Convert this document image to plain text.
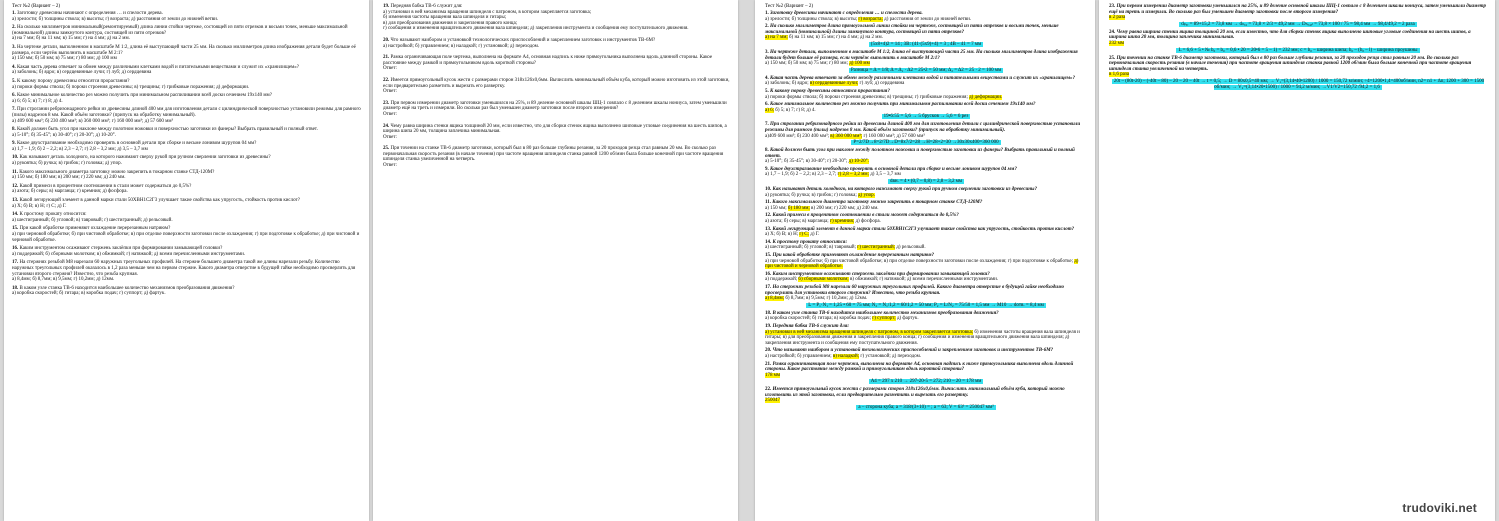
Тест №2 (Вариант – 2)
1. Заготовку древесины начинают с определения … и спелости дерева.
а) зрелости; б) толщины ствола; в) высоты; г) возраста; д) расстояния от земли до нижней ветви.
2. На сколько миллиметров минимальный(ремонтируемый) длина линии стойки чертеже, состоящей из пяти отрезков и восьми точек, меньше максимальной (номинальной) длины замкнутого контура, состоящей из пяти отрезков?
а) на 7 мм; б) на 11 мм; в) 15 мм; г) на 4 мм; д) на 2 мм.
3. На чертеже детали, выполненном в масштабе М 1:2, длина её выступающей части 25 мм. На сколько миллиметров длина изображения детали будет больше её размера, если чертёж выполнить в масштабе М 2:1?
а) 150 мм; б) 50 мм; в) 75 мм; г) 80 мм; д) 100 мм
4. Какая часть дерева отвечает за обмен между различными клетками водой и питательными веществами и служит их «хранилищем»?
а) заболонь; б) ядро; в) сердцевинные лучи; г) луб; д) сердцевина
5. К какому пороку древесины относятся прорастания?
а) пороки формы ствола; б) пороки строения древесины; в) трещины; г) грибковые поражения; д) деформации.
6. Какое минимальное количество рез можно получить при минимальном распиливании всей доски сечением 19х140 мм?
а) 6; б) 5; в) 7; г) 8; д) 4.
7. При строгании ребризонадрного рейки из древесины длиной 400 мм для изготовления детали с цилиндрической поверхностью установили режимы для рамного (пилы) надрезов 8 мм. Какой объём заготовки? (припуск на обработку минимальный).
а) 409 600 мм³; б) 230 400 мм³; в) 360 000 мм³; г) 160 000 мм³; д) 57 600 мм³
8. Какой должен быть угол при наклоне между полотном ножовки и поверхностью заготовки из фанеры? Выбрать правильный и полный ответ.
а) 5-10°; б) 35-45°; в) 30-40°; г) 20-30°; д) 10-20°.
9. Какое двухстрагивание необходимо проверять в основной детали при сборке и весьме лонивом шурупов 04 мм?
а) 1,7 – 1,9; б) 2 – 2,2; в) 2,3 – 2,7; г) 2,8 – 3,2 мм; д) 3,5 – 3,7 мм
10. Как называют деталь холодного, на которого нажимают сверху рукой при ручном сверлении заготовки из древесины?
а) рукоятка; б) ручка; в) грибок; г) головка; д) упор.
11. Какого максимального диаметра заготовку можно закрепить в токарном станке СТД-120М?
а) 150 мм; б) 180 мм; в) 200 мм; г) 220 мм; д) 240 мм.
12. Какой примеси в процентном соотношении в стали может содержаться до 0,5%?
а) азота; б) серы; в) марганца; г) кремния; д) фосфора.
13. Какой легирующий элемент в данной марки стали 50ХВН1С2Г3 улучшает такие свойства как упругость, стойкость против кислот?
а) Х; б) В; в) Н; г) С; д) Г.
14. К простому прокату относится:
а) шестигранный; б) угловой; в) тавровый; г) шестигранный; д) рельсовый.
15. При какой обработке применяют охлаждение перерезанным натриюм?
а) при черновой обработке; б) при чистовой обработке; в) при отделке поверхности заготовки после охлаждения; г) при подготовке к обработке; д) при чистовой и черновой обработке.
16. Каким инструментом осаживают стержень заклёпки при формировании замыкающей головки?
а) поддержкой; б) сборными молотком; в) обжимкой; г) натяжкой; д) всеми перечисленными инструментами.
17. На стержнях резьбой М8 нарезали 60 наружных треугольных профилей. На стержне большего диаметра такой же длины нарезали резьбу. Количество наружных треугольных профилей оказалось в 1,2 раза меньше чем на первом стержне. Какого диаметра отверстие в будущей гайке необходимо просверлить для установки второго стержня? Известно, что резьба крупная.
а) 8,4мм; б) 8,7мм; в) 9,5мм; г) 10,2мм; д) 12мм.
18. В каком узле станка ТВ-6 находится наибольшее количество механизмов преобразования движения?
а) коробка скоростей; б) гитара; в) коробка подач; г) суппорт; д) фартук.
19. Передняя бабка ТВ-6 служит для:
а) установки в ней механизма вращения шпинделя с патроном, в котором закрепляется заготовка;
б) изменения частоты вращения вала шпинделя и гитары;
в) для преобразования движения и закрепления правого конца;
г) сообщения и изменения вращательного движения вала шпинделя; д) закрепления инструмента и сообщения ему поступательного движения.
20. Что называют наибором и установкой технологических приспособлений и закреплением заготовок и инструментов ТВ-6М?
а) настройкой; б) управлением; в) наладкой; г) установкой; д) переходом.
21. Рамка ограничивающая поле чертежа, выполнена на формате А4, основная надпись к ниже прямоугольника выполнена вдоль длинной стороны. Какое расстояние между рамкой и прямоугольником вдоль короткой стороны?
Ответ:
22. Имеется прямоугольный кусок жести с размерами сторон 318х126х0,6мм. Вычислить минимальный объём куба, который можно изготовить из этой заготовки, если предварительно разметить и вырезать его развертку.
Ответ:
23. При первом измерении диаметр заготовки уменьшился на 25%, и 89 деление основной шкалы ШЦ-1 совпало с 8 делением шкалы нониуса, затем уменьшили диаметр ещё на треть и измерили. Во сколько раз был уменьшен диаметр заготовки после второго измерения?
Ответ:
24. Чему равна ширина стенки ящика толщиной 20 мм, если известно, что для сборки стенок ящика выполнено шиповые угловые соединения на шесть шипов, а ширина шипа 20 мм, толщина заплечика минимальная.
Ответ:
25. При точении на станке ТВ-6 диаметр заготовки, который был в 80 раз больше глубины резания, за 20 проходов резца стал равным 20 мм. Во сколько раз первоначальная скорость резания (в начале точения) при частоте вращения шпинделя станка равной 1200 об/мин была больше конечной при частоте вращения шпинделя станка увеличенной на четверть.
Ответ:
Тест №2 (Вариант – 2)
1. Заготовку древесины начинают с определения … и спелости дерева.
а) зрелости; б) толщины ствола; в) высоты; г) возраста; д) расстояния от земли до нижней ветви.
2. На сколько миллиметров длина прямоугольной линии стойки на чертеже, состоящей из пяти отрезков и восьми точек, меньше максимальной (номинальной) длины замкнутого контура, состоящей из пяти отрезков?
а) на 7 мм; б) на 11 мм; в) 15 мм; г) на 4 мм; д) на 2 мм.
(5х8+4)2 = 14 ; 3В: (41·(5х9)+4) = 3 ; 4В – 41 = 7 мм
3. На чертеже детали, выполненном в масштабе М 1:2, длина её выступающей части 25 мм. На сколько миллиметров длина изображения детали будет больше её размера, если чертёж выполнить в масштабе М 2:1?
а) 150 мм; б) 50 мм; в) 75 мм; г) 80 мм; д) 100 мм
Разница = Δ = 1/8; Δ = Δ₁ · Δ2 = 25•2 = 50 мм; Δ₂ = Δ2 = 25 · 2 = 100 мм
4. Какая часть дерева отвечает за обмен между различными клетками водой и питательными веществами и служит их «хранилищем»?
а) заболонь; б) ядро; в) сердцевинные лучи; г) луб; д) сердцевина
5. К какому пороку древесины относятся прорастания?
а) пороки формы ствола; б) пороки строения древесины; в) трещины; г) грибковые поражения; д) деформации.
6. Какое минимальное количество рез можно получить при минимальном распиливании всей доски сечением 19х140 мм?
а) 6; б) 5; в) 7; г) 8; д) 4.
19•6:55 = 5,6 → 5 брусков → 5,6 = 6 рез
7. При строгании ребризонадрного рейки из древесины длиной 400 мм для изготовления детали с цилиндрической поверхностью установили режимы для рамного (пилы) надрезов 8 мм. Какой объём заготовки? (припуск на обработку минимальный).
а)409 600 мм³; б) 230 400 мм³; в) 360 000 мм³; г) 160 000 мм³; д) 57 600 мм³
P=2/7D→8=2/7D→D=8х7/2=28 →Н=28+2=30 →30х30х400=360 000
8. Какой должен быть угол при наклоне между полотном ножовки и поверхностью заготовки из фанеры? Выбрать правильный и полный ответ.
а) 5-10°; б) 35-45°; в) 30-40°; г) 20-30°; д) 10-20°.
9. Какое двухстрагивание необходимо проверять в основной детали при сборке и весьме лонивом шурупов 04 мм?
а) 1,7 – 1,9; б) 2 – 2,2; в) 2,3 – 2,7; г) 2,8 – 3,2 мм; д) 3,5 – 3,7 мм
dвн. = 4 • (0,7 – 0,8) = 2,8 – 3,2 мм
10. Как называют деталь холодного, на которого нажимают сверху рукой при ручном сверлении заготовки из древесины?
а) рукоятка; б) ручка; в) грибок; г) головка; д) упор.
11. Какого максимального диаметра заготовку можно закрепить в токарном станке СТД-120М?
а) 150 мм; б) 180 мм; в) 200 мм; г) 220 мм; д) 240 мм.
12. Какой примеси в процентном соотношении в стали может содержаться до 0,5%?
а) азота; б) серы; в) марганца; г) кремния; д) фосфора.
13. Какой легирующий элемент в данной марки стали 50ХВН1С2Г3 улучшает такие свойства как упругость, стойкость против кислот?
а) Х; б) В; в) Н; г) С; д) Г.
14. К простому прокату относится:
а) шестигранный; б) угловой; в) тавровый; г) шестигранный; д) рельсовый.
15. При какой обработке применяют охлаждение перерезанным натриюм?
а) при черновой обработке; б) при чистовой обработке; в) при отделке поверхности заготовки после охлаждения; г) при подготовке к обработке; д) при чистовой и черновой обработке.
16. Каким инструментом осаживают стержень заклёпки при формировании замыкающей головки?
а) поддержкой; б) сборными молотком; в) обжимкой; г) натяжкой; д) всеми перечисленными инструментами.
17. На стержнях резьбой М8 нарезали 60 наружных треугольных профилей. Какого диаметра отверстие в будущей гайке необходимо просверлить для установки второго стержня? Известно, что резьба крупная.
а) 8,4мм; б) 8,7мм; в) 9,5мм; г) 10,2мм; д) 12мм.
L = P₁·N₁ = 1,25 • 60 = 75 мм; N₂ = N₁/1,2 = 60/1,2 = 50 мм; P₂ = L/N₂ = 75/50 = 1,5 мм → M10 → dотв. = 8,4 мм
18. В каком узле станка ТВ-6 находится наибольшее количество механизмов преобразования движения?
а) коробка скоростей; б) гитара; в) коробка подач; г) суппорт; д) фартук.
19. Передняя бабка ТВ-6 служит для:
а) установки в ней механизма вращения шпинделя с патроном, в котором закрепляется заготовка; б) изменения частоты вращения вала шпинделя и гитары; в) для преобразования движения и закрепления правого конца; г) сообщения и изменения вращательного движения вала шпинделя; д) закрепления инструмента и сообщения ему поступательного движения.
20. Что называют наибором и установкой технологических приспособлений и закреплением заготовок и инструментов ТВ-6М?
а) настройкой; б) управлением; в) наладкой; г) установкой; д) переходом.
21. Рамка ограничивающая поле чертежа, выполнена на формате А4, основная надпись к ниже прямоугольника выполнена вдоль длинной стороны. Какое расстояние между рамкой и прямоугольником вдоль короткой стороны?
178 мм
А4 = 297 х 210 → 297-20-5 = 272; 210 – 20 = 178 мм
22. Имеется прямоугольный кусок жести с размерами сторон 318х126х0,6мм. Вычислить минимальный объём куба, который можно изготовить из этой заготовки, если предварительно разметить и вырезать его развертку.
250047
а – сторона куба; а = 318/(3+10) = ; a = 63; V = 63³ = 250047 мм³
23. При первом измерении диаметр заготовки уменьшился на 25%, и 89 деление основной шкалы ШЦ-1 совпало с 8 делением шкалы нониуса, затем уменьшили диаметр ещё на треть и измерили. Во сколько раз был уменьшен диаметр заготовки после второго измерения?
в 2 раза
dₚₐᵣ = 89+15,2 = 73,8 мм → dₙₐ₂ = 73,8 × 2/3 = 49,2 мм → Dₙₐ₄ₐₗ = 73,8 × 100 / 75 = 98,4 мм → 98,4/49,2 = 2 раза
24. Чему равна ширина стенки ящика толщиной 20 мм, если известно, что для сборки стенок ящика выполнено шиповые угловые соединения на шесть шипов, а ширина шипа 20 мм, толщина заплечика минимальная.
232 мм
L = 6,6 + 5 • № b₀ = b₀ = 0,6 • 20 = 20•6 = 5 – 1) = 232 мм; с = b₀ – ширина шипа; b₀ – (b₀ – l) – ширина проушины
25. При точении на станке ТВ-6 диаметр заготовки, который был в 80 раз больше глубины резания, за 20 проходов резца стал равным 20 мм. Во сколько раз первоначальная скорость резания (в начале точения) при частоте вращения шпинделя станка равной 1200 об/мин была больше конечной при частоте вращения шпинделя станка увеличенной на четверть.
в 1,6 раза
20t – (80t-20) – (-40t – 80) – 20 – 20 – 40t → t = 0,5; → D = 80х0,5=40 мм; → V₁=(3,14•40•1200) / 1000 = 150,72 м/мин; ÷4=1200•1,4=400об/мин, n2= n1 + Δn; 1200 + 300 = 1500 об/мин; → V₂=(3,14•20•1500) / 1000 = 94,2 м/мин; →V1/V2=150,72 /94,2 = 1,6
trudoviki.net
